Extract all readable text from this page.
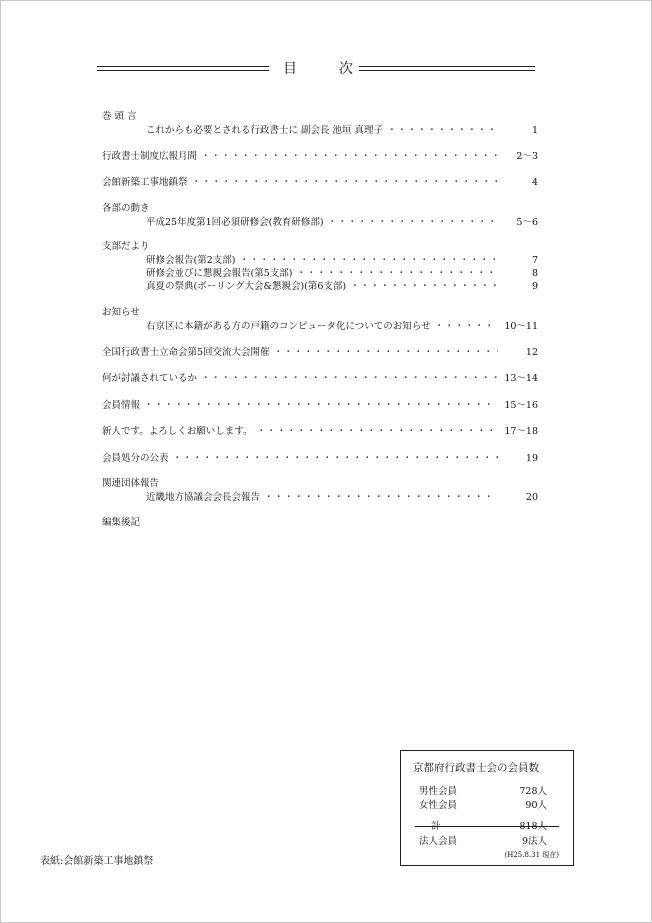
目次
巻 頭 言
これからも必要とされる行政書士に 副会長 池垣 真理子 ・・・・・・・・・・・・・・・・・・・・・・・・・・・・・・・・・・・・・・・・・・・・・・・・・・・・・・・・・・・・・・・・・・・・・・・・・・・・	1
行政書士制度広報月間 ・・・・・・・・・・・・・・・・・・・・・・・・・・・・・・・・・・・・・・・・・・・・・・・・・・・・・・・・・・・・・・・・・・・・・・・・・・・・	2〜3
会館新築工事地鎮祭 ・・・・・・・・・・・・・・・・・・・・・・・・・・・・・・・・・・・・・・・・・・・・・・・・・・・・・・・・・・・・・・・・・・・・・・・・・・・・	4
各部の動き
平成25年度第1回必須研修会(教育研修部) ・・・・・・・・・・・・・・・・・・・・・・・・・・・・・・・・・・・・・・・・・・・・・・・・・・・・・・・・・・・・・・・・・・・・・・・・・・・・	5〜6
支部だより
研修会報告(第2支部) ・・・・・・・・・・・・・・・・・・・・・・・・・・・・・・・・・・・・・・・・・・・・・・・・・・・・・・・・・・・・・・・・・・・・・・・・・・・・	7
研修会並びに懇親会報告(第5支部) ・・・・・・・・・・・・・・・・・・・・・・・・・・・・・・・・・・・・・・・・・・・・・・・・・・・・・・・・・・・・・・・・・・・・・・・・・・・・	8
真夏の祭典(ボーリング大会&懇親会)(第6支部) ・・・・・・・・・・・・・・・・・・・・・・・・・・・・・・・・・・・・・・・・・・・・・・・・・・・・・・・・・・・・・・・・・・・・・・・・・・・・	9
お知らせ
右京区に本籍がある方の戸籍のコンピュータ化についてのお知らせ ・・・・・・・・・・・・・・・・・・・・・・・・・・・・・・・・・・・・・・・・・・・・・・・・・・・・・・・・・・・・・・・・・・・・・・・・・・・・	10〜11
全国行政書士立命会第5回交流大会開催 ・・・・・・・・・・・・・・・・・・・・・・・・・・・・・・・・・・・・・・・・・・・・・・・・・・・・・・・・・・・・・・・・・・・・・・・・・・・・	12
何が討議されているか ・・・・・・・・・・・・・・・・・・・・・・・・・・・・・・・・・・・・・・・・・・・・・・・・・・・・・・・・・・・・・・・・・・・・・・・・・・・・	13〜14
会員情報 ・・・・・・・・・・・・・・・・・・・・・・・・・・・・・・・・・・・・・・・・・・・・・・・・・・・・・・・・・・・・・・・・・・・・・・・・・・・・	15〜16
新人です。よろしくお願いします。 ・・・・・・・・・・・・・・・・・・・・・・・・・・・・・・・・・・・・・・・・・・・・・・・・・・・・・・・・・・・・・・・・・・・・・・・・・・・・	17〜18
会員処分の公表 ・・・・・・・・・・・・・・・・・・・・・・・・・・・・・・・・・・・・・・・・・・・・・・・・・・・・・・・・・・・・・・・・・・・・・・・・・・・・	19
関連団体報告
近畿地方協議会会長会報告 ・・・・・・・・・・・・・・・・・・・・・・・・・・・・・・・・・・・・・・・・・・・・・・・・・・・・・・・・・・・・・・・・・・・・・・・・・・・・	20
編集後記
京都府行政書士会の会員数
男性会員	728人
女性会員	90人
計	818人
法人会員	9法人
(H25.8.31 現在)
表紙:会館新築工事地鎮祭
